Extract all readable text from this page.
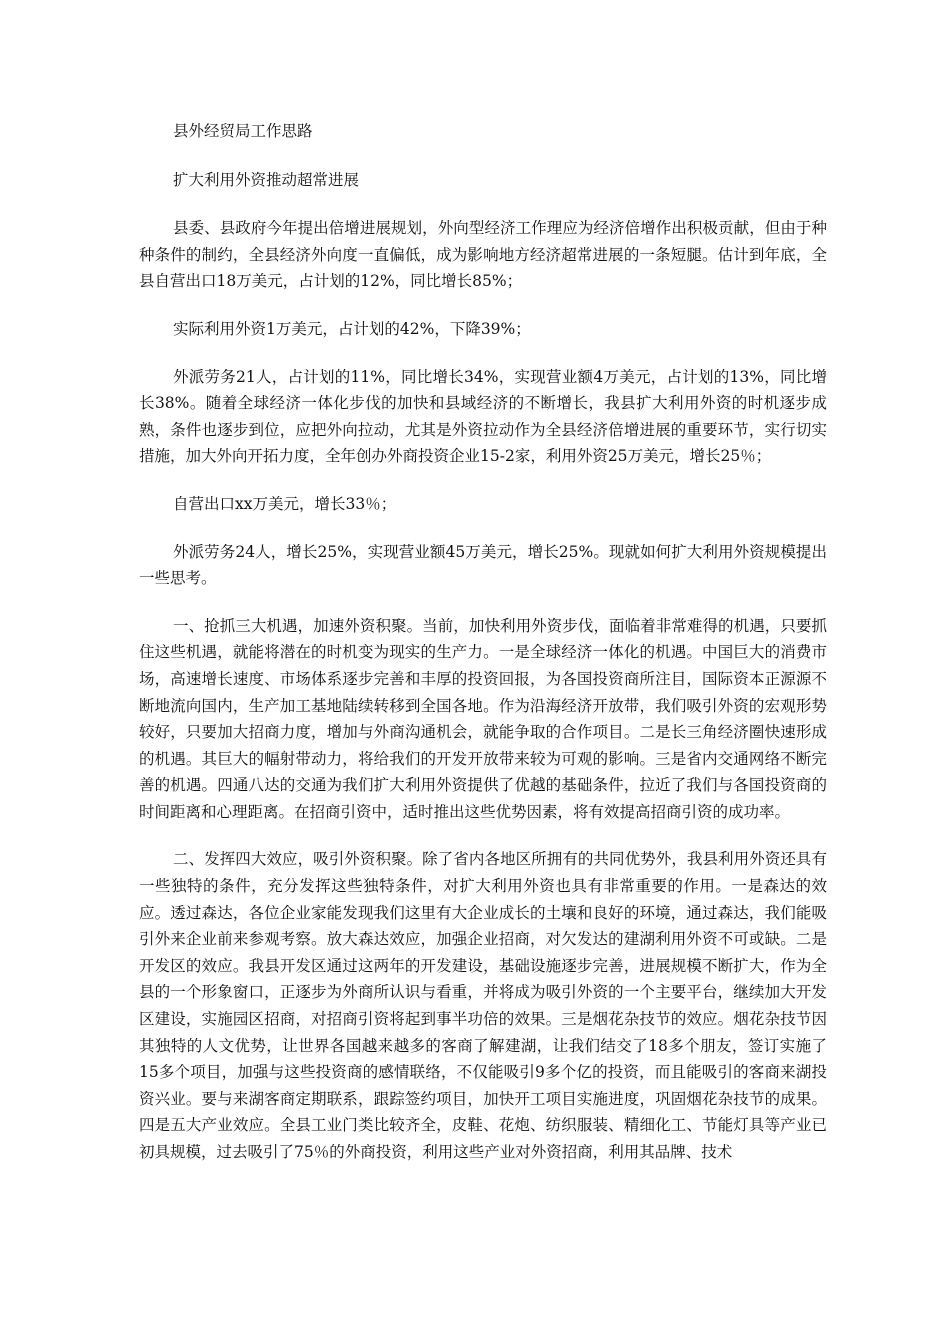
县外经贸局工作思路

扩大利用外资推动超常进展

县委、县政府今年提出倍增进展规划，外向型经济工作理应为经济倍增作出积极贡献，但由于种种条件的制约，全县经济外向度一直偏低，成为影响地方经济超常进展的一条短腿。估计到年底，全县自营出口18万美元，占计划的12%，同比增长85%；

实际利用外资1万美元，占计划的42%，下降39%；

外派劳务21人，占计划的11%，同比增长34%，实现营业额4万美元，占计划的13%，同比增长38%。随着全球经济一体化步伐的加快和县域经济的不断增长，我县扩大利用外资的时机逐步成熟，条件也逐步到位，应把外向拉动，尤其是外资拉动作为全县经济倍增进展的重要环节，实行切实措施，加大外向开拓力度，全年创办外商投资企业15-2家，利用外资25万美元，增长25％；

自营出口xx万美元，增长33％；

外派劳务24人，增长25%，实现营业额45万美元，增长25%。现就如何扩大利用外资规模提出一些思考。

一、抢抓三大机遇，加速外资积聚。当前，加快利用外资步伐，面临着非常难得的机遇，只要抓住这些机遇，就能将潜在的时机变为现实的生产力。一是全球经济一体化的机遇。中国巨大的消费市场，高速增长速度、市场体系逐步完善和丰厚的投资回报，为各国投资商所注目，国际资本正源源不断地流向国内，生产加工基地陆续转移到全国各地。作为沿海经济开放带，我们吸引外资的宏观形势较好，只要加大招商力度，增加与外商沟通机会，就能争取的合作项目。二是长三角经济圈快速形成的机遇。其巨大的幅射带动力，将给我们的开发开放带来较为可观的影响。三是省内交通网络不断完善的机遇。四通八达的交通为我们扩大利用外资提供了优越的基础条件，拉近了我们与各国投资商的时间距离和心理距离。在招商引资中，适时推出这些优势因素，将有效提高招商引资的成功率。

二、发挥四大效应，吸引外资积聚。除了省内各地区所拥有的共同优势外，我县利用外资还具有一些独特的条件，充分发挥这些独特条件，对扩大利用外资也具有非常重要的作用。一是森达的效应。透过森达，各位企业家能发现我们这里有大企业成长的土壤和良好的环境，通过森达，我们能吸引外来企业前来参观考察。放大森达效应，加强企业招商，对欠发达的建湖利用外资不可或缺。二是开发区的效应。我县开发区通过这两年的开发建设，基础设施逐步完善，进展规模不断扩大，作为全县的一个形象窗口，正逐步为外商所认识与看重，并将成为吸引外资的一个主要平台，继续加大开发区建设，实施园区招商，对招商引资将起到事半功倍的效果。三是烟花杂技节的效应。烟花杂技节因其独特的人文优势，让世界各国越来越多的客商了解建湖，让我们结交了18多个朋友，签订实施了15多个项目，加强与这些投资商的感情联络，不仅能吸引9多个亿的投资，而且能吸引的客商来湖投资兴业。要与来湖客商定期联系，跟踪签约项目，加快开工项目实施进度，巩固烟花杂技节的成果。四是五大产业效应。全县工业门类比较齐全，皮鞋、花炮、纺织服装、精细化工、节能灯具等产业已初具规模，过去吸引了75％的外商投资，利用这些产业对外资招商，利用其品牌、技术
